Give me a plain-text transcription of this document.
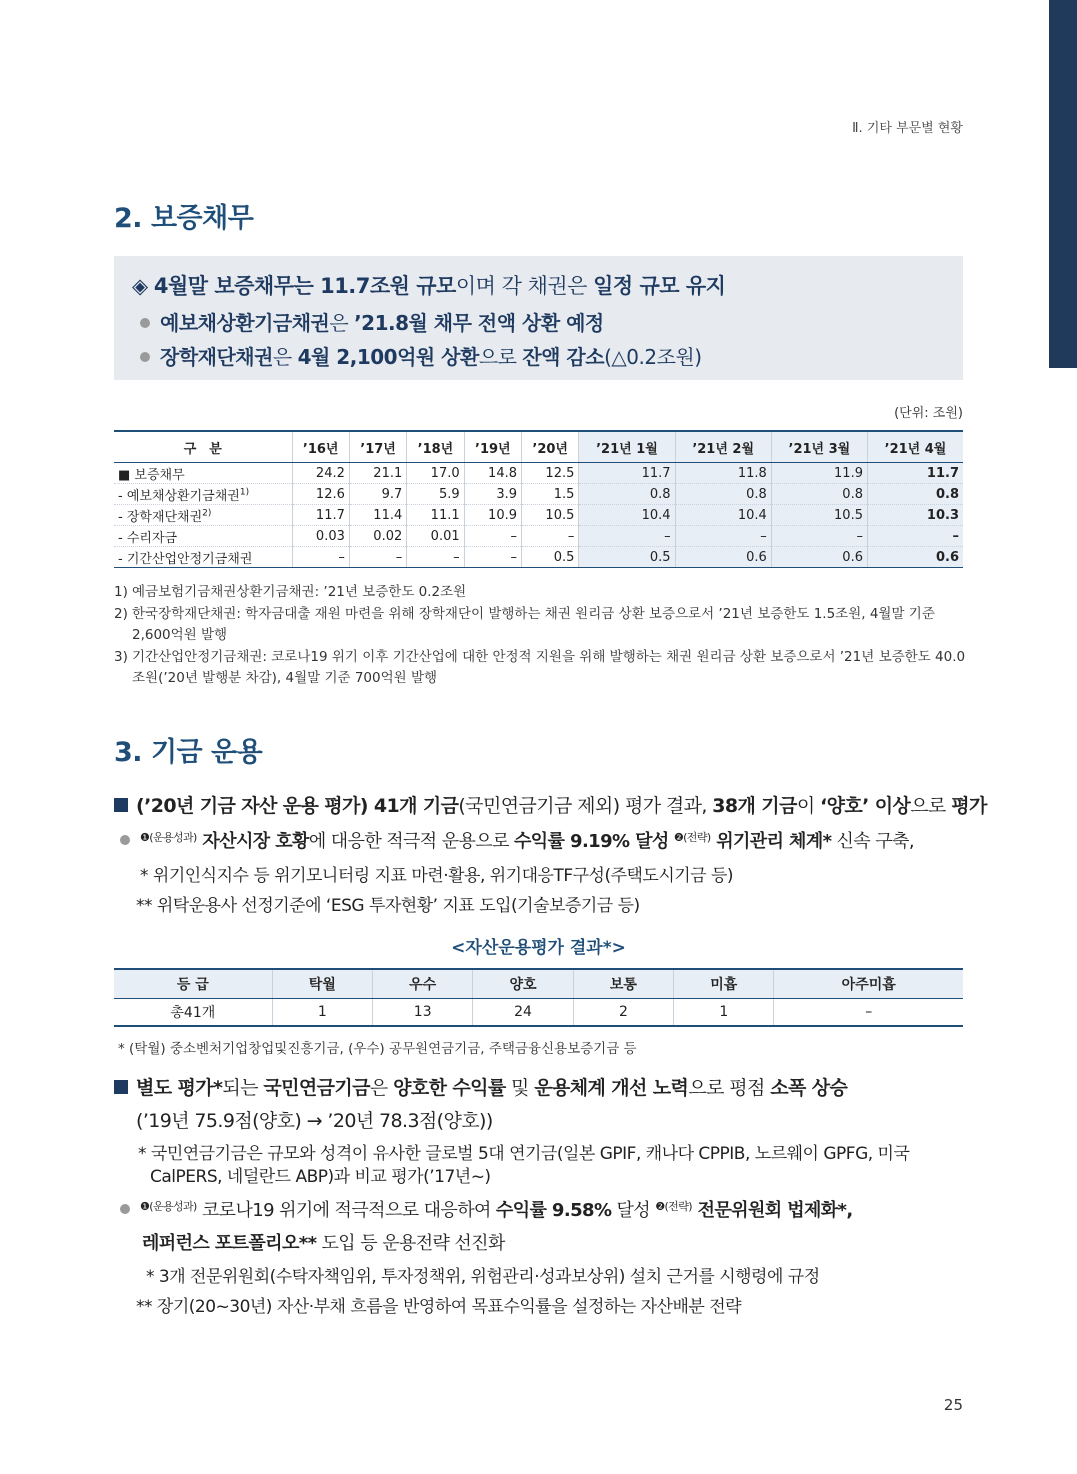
Ⅱ. 기타 부문별 현황
2. 보증채무
◈ 4월말 보증채무는 11.7조원 규모이며 각 채권은 일정 규모 유지
예보채상환기금채권은 ’21.8월 채무 전액 상환 예정
장학재단채권은 4월 2,100억원 상환으로 잔액 감소(△0.2조원)
(단위: 조원)
구　분	’16년	’17년	’18년	’19년	’20년	’21년 1월	’21년 2월	’21년 3월	’21년 4월
■ 보증채무	24.2	21.1	17.0	14.8	12.5	11.7	11.8	11.9	11.7
- 예보채상환기금채권$^{1)}$	12.6	9.7	5.9	3.9	1.5	0.8	0.8	0.8	0.8
- 장학재단채권$^{2)}$	11.7	11.4	11.1	10.9	10.5	10.4	10.4	10.5	10.3
- 수리자금	0.03	0.02	0.01	–	–	–	–	–	–
- 기간산업안정기금채권	–	–	–	–	0.5	0.5	0.6	0.6	0.6
1) 예금보험기금채권상환기금채권: ’21년 보증한도 0.2조원
2) 한국장학재단채권: 학자금대출 재원 마련을 위해 장학재단이 발행하는 채권 원리금 상환 보증으로서 ’21년 보증한도 1.5조원, 4월말 기준 2,600억원 발행
3) 기간산업안정기금채권: 코로나19 위기 이후 기간산업에 대한 안정적 지원을 위해 발행하는 채권 원리금 상환 보증으로서 ’21년 보증한도 40.0조원(’20년 발행분 차감), 4월말 기준 700억원 발행
3. 기금 운용
(’20년 기금 자산 운용 평가) 41개 기금(국민연금기금 제외) 평가 결과, 38개 기금이 ‘양호’ 이상으로 평가
$^{❶(운용성과)}$ 자산시장 호황에 대응한 적극적 운용으로 수익률 9.19% 달성 $^{❷(전략)}$ 위기관리 체계* 신속 구축,
* 위기인식지수 등 위기모니터링 지표 마련·활용, 위기대응TF구성(주택도시기금 등)
** 위탁운용사 선정기준에 ‘ESG 투자현황’ 지표 도입(기술보증기금 등)
<자산운용평가 결과*>
등 급	탁월	우수	양호	보통	미흡	아주미흡
총41개	1	13	24	2	1	–
* (탁월) 중소벤처기업창업및진흥기금, (우수) 공무원연금기금, 주택금융신용보증기금 등
별도 평가*되는 국민연금기금은 양호한 수익률 및 운용체계 개선 노력으로 평점 소폭 상승
(’19년 75.9점(양호) → ’20년 78.3점(양호))
* 국민연금기금은 규모와 성격이 유사한 글로벌 5대 연기금(일본 GPIF, 캐나다 CPPIB, 노르웨이 GPFG, 미국
CalPERS, 네덜란드 ABP)과 비교 평가(’17년~)
$^{❶(운용성과)}$ 코로나19 위기에 적극적으로 대응하여 수익률 9.58% 달성 $^{❷(전략)}$ 전문위원회 법제화*,
레퍼런스 포트폴리오** 도입 등 운용전략 선진화
* 3개 전문위원회(수탁자책임위, 투자정책위, 위험관리·성과보상위) 설치 근거를 시행령에 규정
** 장기(20~30년) 자산·부채 흐름을 반영하여 목표수익률을 설정하는 자산배분 전략
25
